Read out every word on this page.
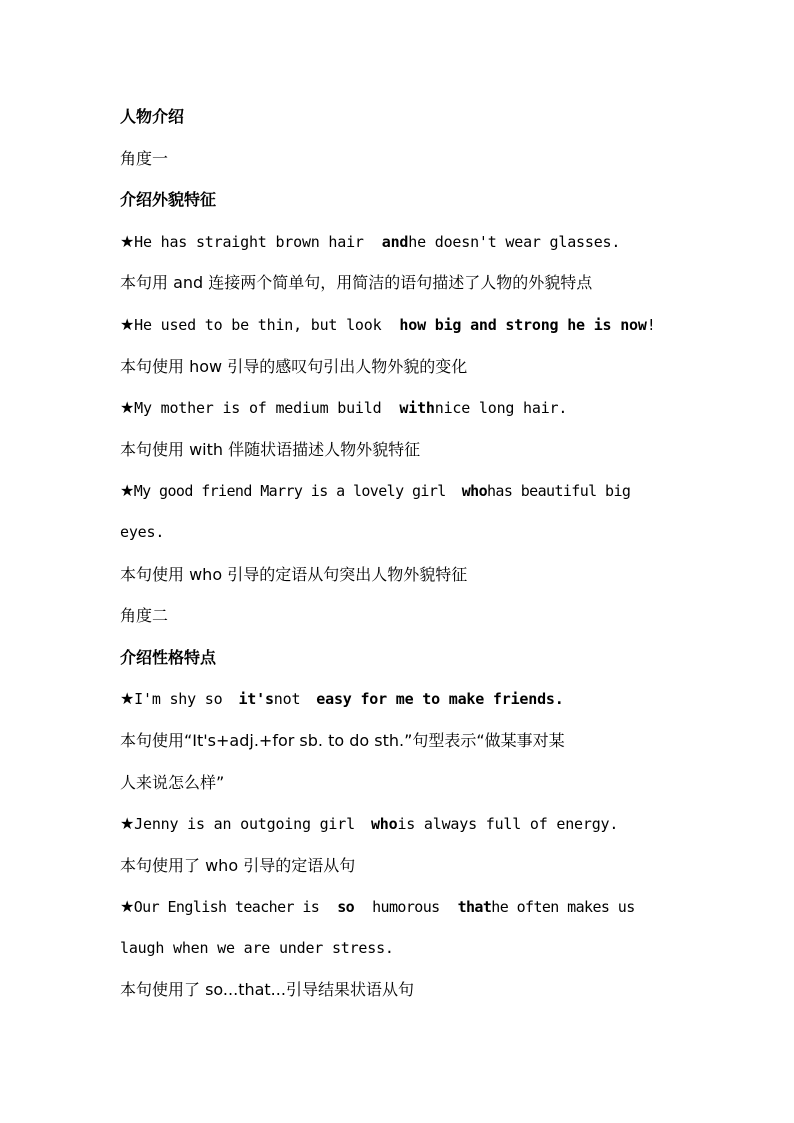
人物介绍
角度一
介绍外貌特征
★He has straight brown hair andhe doesn't wear glasses.
本句用 and 连接两个简单句，用简洁的语句描述了人物的外貌特点
★He used to be thin, but look how big and strong he is now!
本句使用 how 引导的感叹句引出人物外貌的变化
★My mother is of medium build withnice long hair.
本句使用 with 伴随状语描述人物外貌特征
★My good friend Marry is a lovely girl whohas beautiful big
eyes.
本句使用 who 引导的定语从句突出人物外貌特征
角度二
介绍性格特点
★I'm shy so it'snot easy for me to make friends.
本句使用“It's+adj.+for sb. to do sth.”句型表示“做某事对某
人来说怎么样”
★Jenny is an outgoing girl whois always full of energy.
本句使用了 who 引导的定语从句
★Our English teacher is so humorous thathe often makes us
laugh when we are under stress.
本句使用了 so...that...引导结果状语从句
